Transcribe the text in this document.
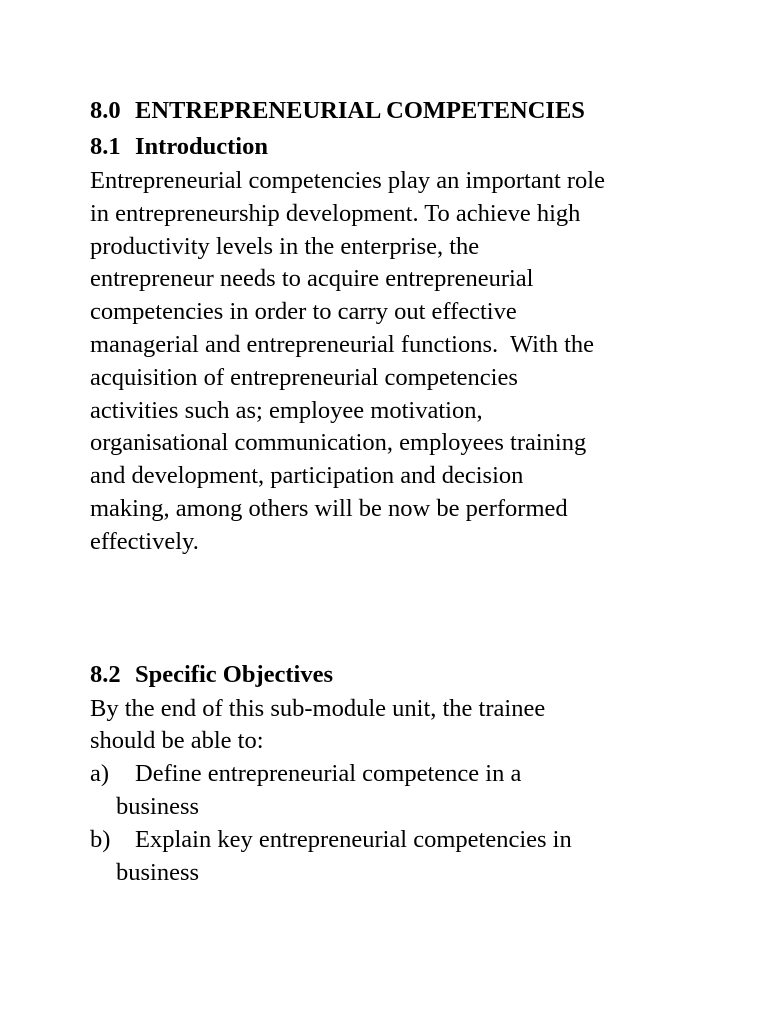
8.0 ENTREPRENEURIAL COMPETENCIES
8.1 Introduction

Entrepreneurial competencies play an important role
in entrepreneurship development. To achieve high
productivity levels in the enterprise, the
entrepreneur needs to acquire entrepreneurial
competencies in order to carry out effective
managerial and entrepreneurial functions.  With the
acquisition of entrepreneurial competencies
activities such as; employee motivation,
organisational communication, employees training
and development, participation and decision
making, among others will be now be performed
effectively.

8.2 Specific Objectives

By the end of this sub-module unit, the trainee
should be able to:

a) Define entrepreneurial competence in a
business
b) Explain key entrepreneurial competencies in
business
